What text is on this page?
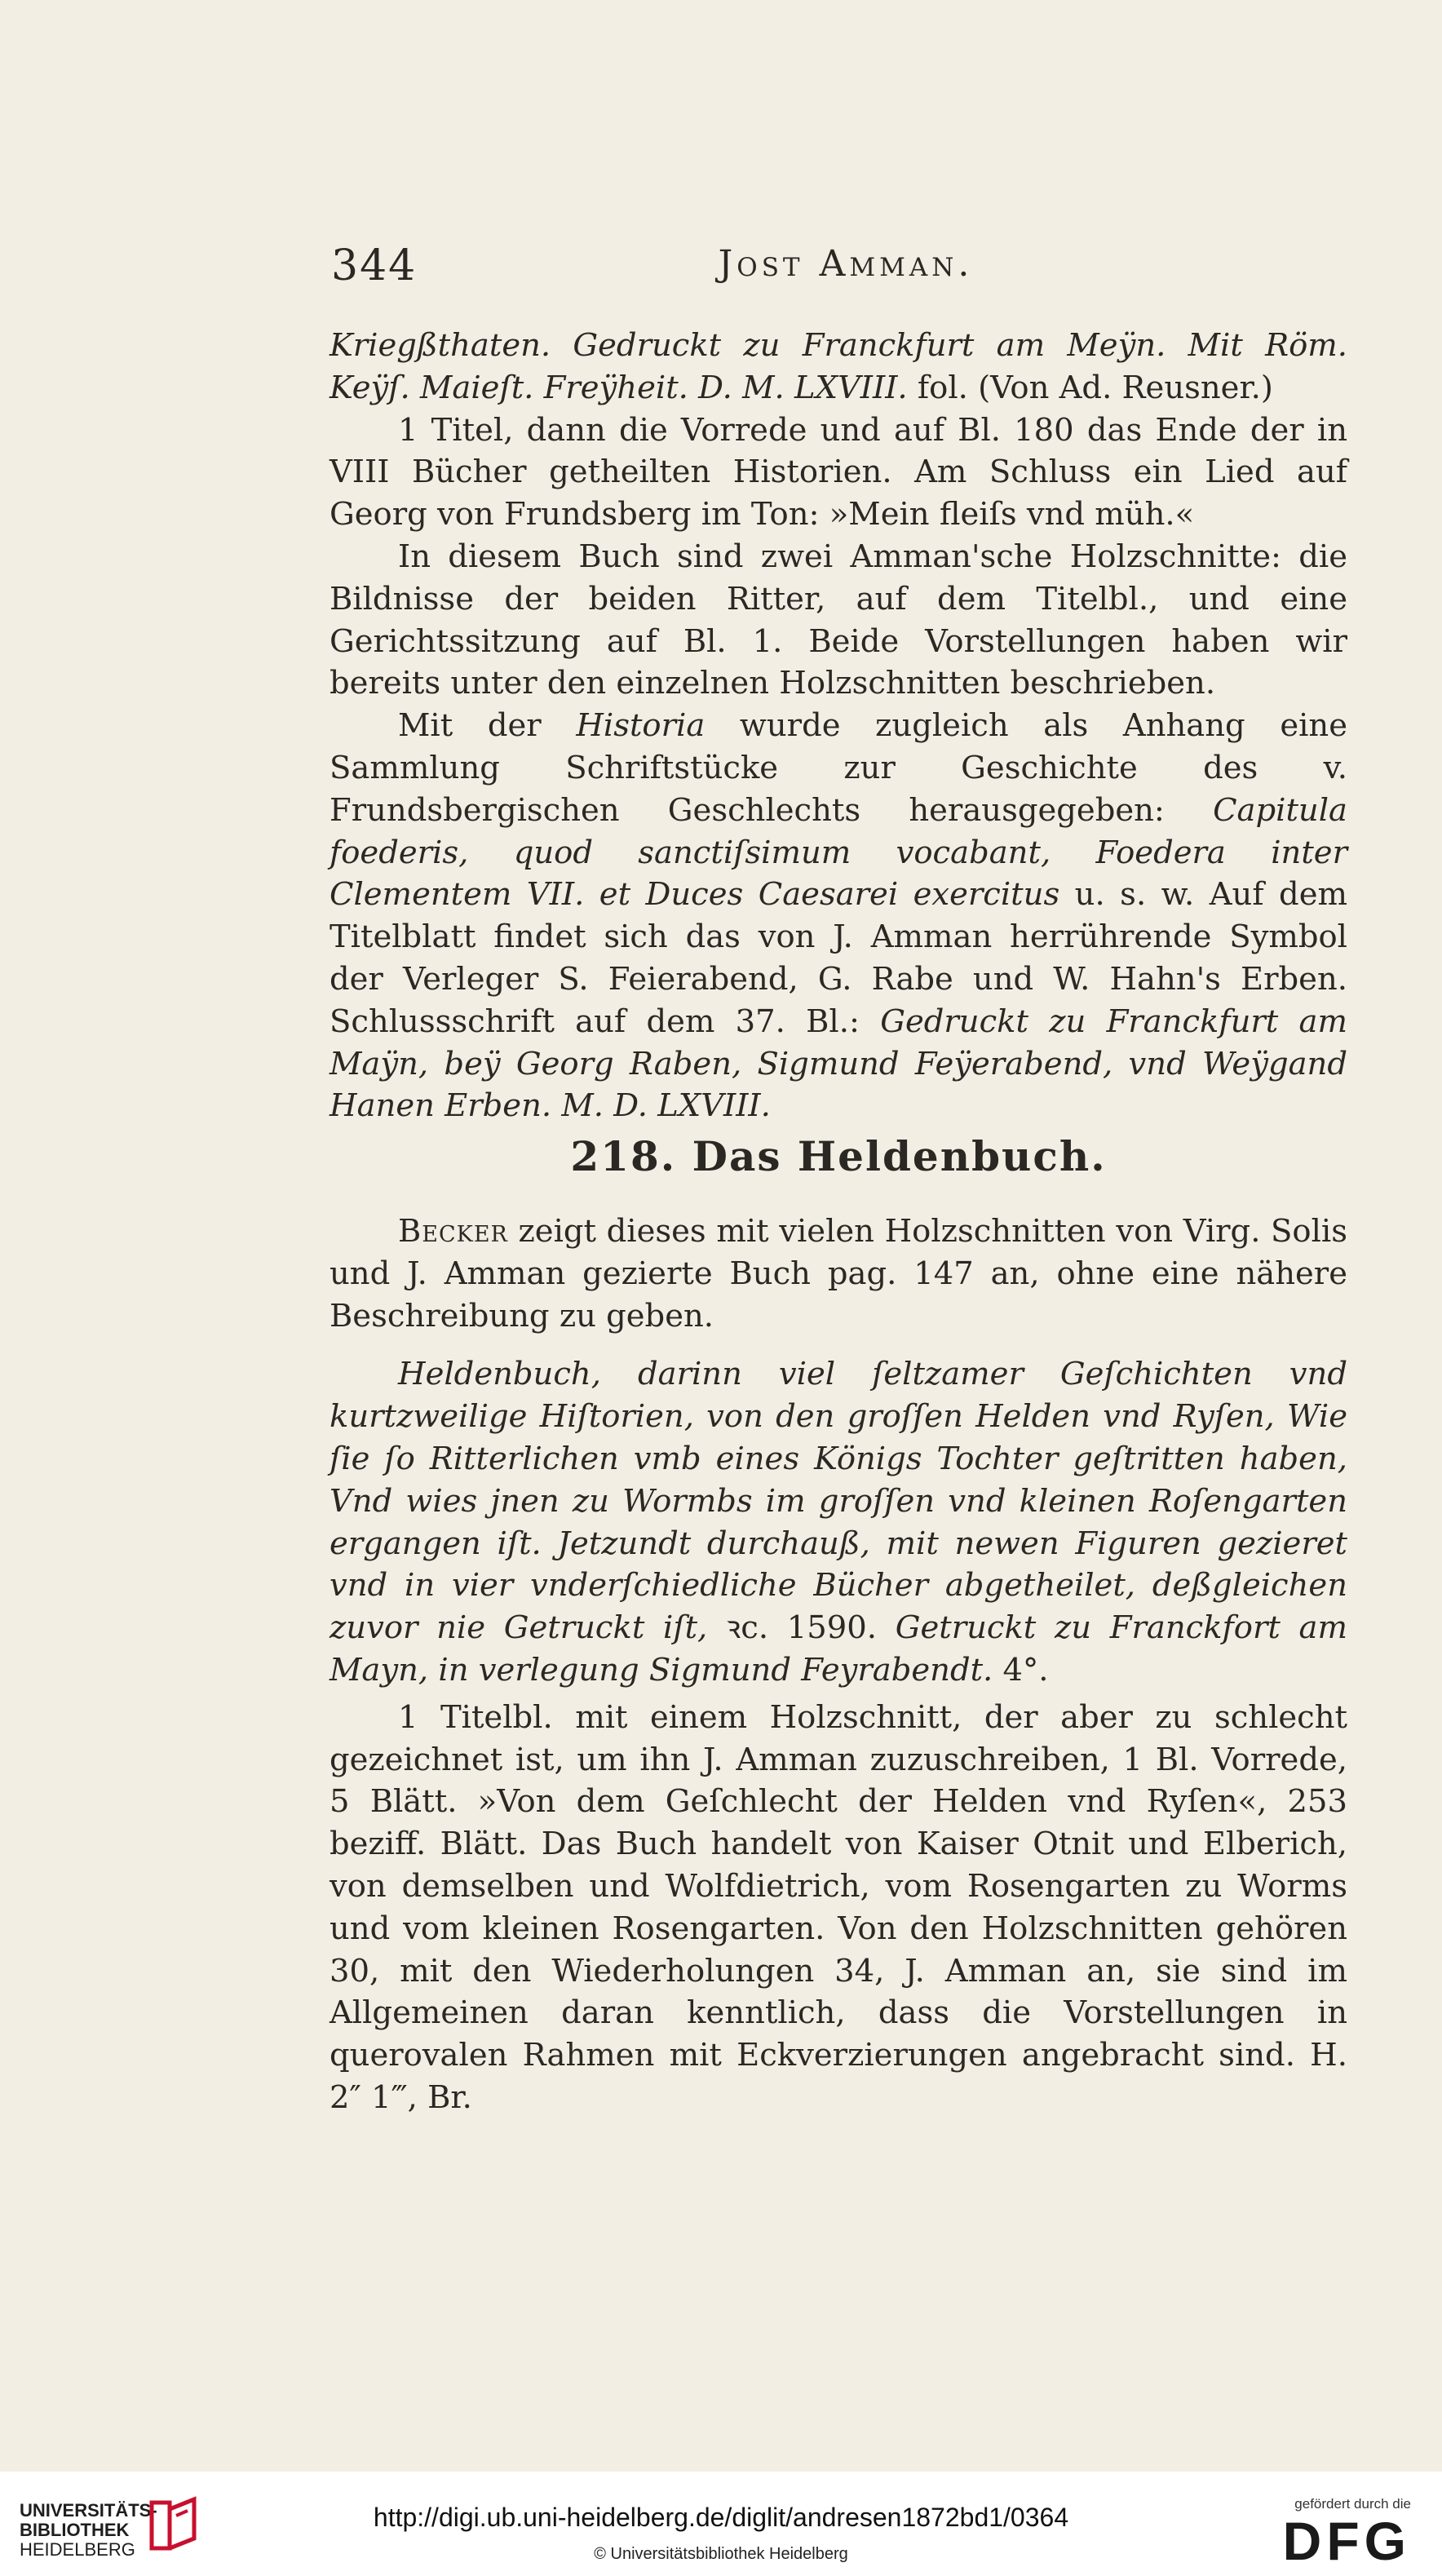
344	Jost Amman.

Kriegßthaten. Gedruckt zu Franckfurt am Meÿn. Mit Röm. Keÿſ. Maieſt. Freÿheit. D. M. LXVIII. fol. (Von Ad. Reusner.)

1 Titel, dann die Vorrede und auf Bl. 180 das Ende der in VIII Bücher getheilten Historien. Am Schluss ein Lied auf Georg von Frundsberg im Ton: »Mein fleiſs vnd müh.«

In diesem Buch sind zwei Amman'sche Holzschnitte: die Bildnisse der beiden Ritter, auf dem Titelbl., und eine Gerichtssitzung auf Bl. 1. Beide Vorstellungen haben wir bereits unter den einzelnen Holzschnitten beschrieben.

Mit der Historia wurde zugleich als Anhang eine Sammlung Schriftstücke zur Geschichte des v. Frundsbergischen Geschlechts herausgegeben: Capitula foederis, quod sanctiſsimum vocabant, Foedera inter Clementem VII. et Duces Caesarei exercitus u. s. w. Auf dem Titelblatt findet sich das von J. Amman herrührende Symbol der Verleger S. Feierabend, G. Rabe und W. Hahn's Erben. Schlussschrift auf dem 37. Bl.: Gedruckt zu Franckfurt am Maÿn, beÿ Georg Raben, Sigmund Feÿerabend, vnd Weÿgand Hanen Erben. M. D. LXVIII.

218. Das Heldenbuch.

Becker zeigt dieses mit vielen Holzschnitten von Virg. Solis und J. Amman gezierte Buch pag. 147 an, ohne eine nähere Beschreibung zu geben.

Heldenbuch, darinn viel ſeltzamer Geſchichten vnd kurtzweilige Hiſtorien, von den groſſen Helden vnd Ryſen, Wie ſie ſo Ritterlichen vmb eines Königs Tochter geſtritten haben, Vnd wies jnen zu Wormbs im groſſen vnd kleinen Roſengarten ergangen iſt. Jetzundt durchauß, mit newen Figuren gezieret vnd in vier vnderſchiedliche Bücher abgetheilet, deßgleichen zuvor nie Getruckt iſt, ꝛc. 1590. Getruckt zu Franckfort am Mayn, in verlegung Sigmund Feyrabendt. 4°.

1 Titelbl. mit einem Holzschnitt, der aber zu schlecht gezeichnet ist, um ihn J. Amman zuzuschreiben, 1 Bl. Vorrede, 5 Blätt. »Von dem Geſchlecht der Helden vnd Ryſen«, 253 beziff. Blätt. Das Buch handelt von Kaiser Otnit und Elberich, von demselben und Wolfdietrich, vom Rosengarten zu Worms und vom kleinen Rosengarten. Von den Holzschnitten gehören 30, mit den Wiederholungen 34, J. Amman an, sie sind im Allgemeinen daran kenntlich, dass die Vorstellungen in querovalen Rahmen mit Eckverzierungen angebracht sind. H. 2″ 1‴, Br.

UNIVERSITÄTS-
BIBLIOTHEK
HEIDELBERG
http://digi.ub.uni-heidelberg.de/diglit/andresen1872bd1/0364
© Universitätsbibliothek Heidelberg
gefördert durch die
DFG
